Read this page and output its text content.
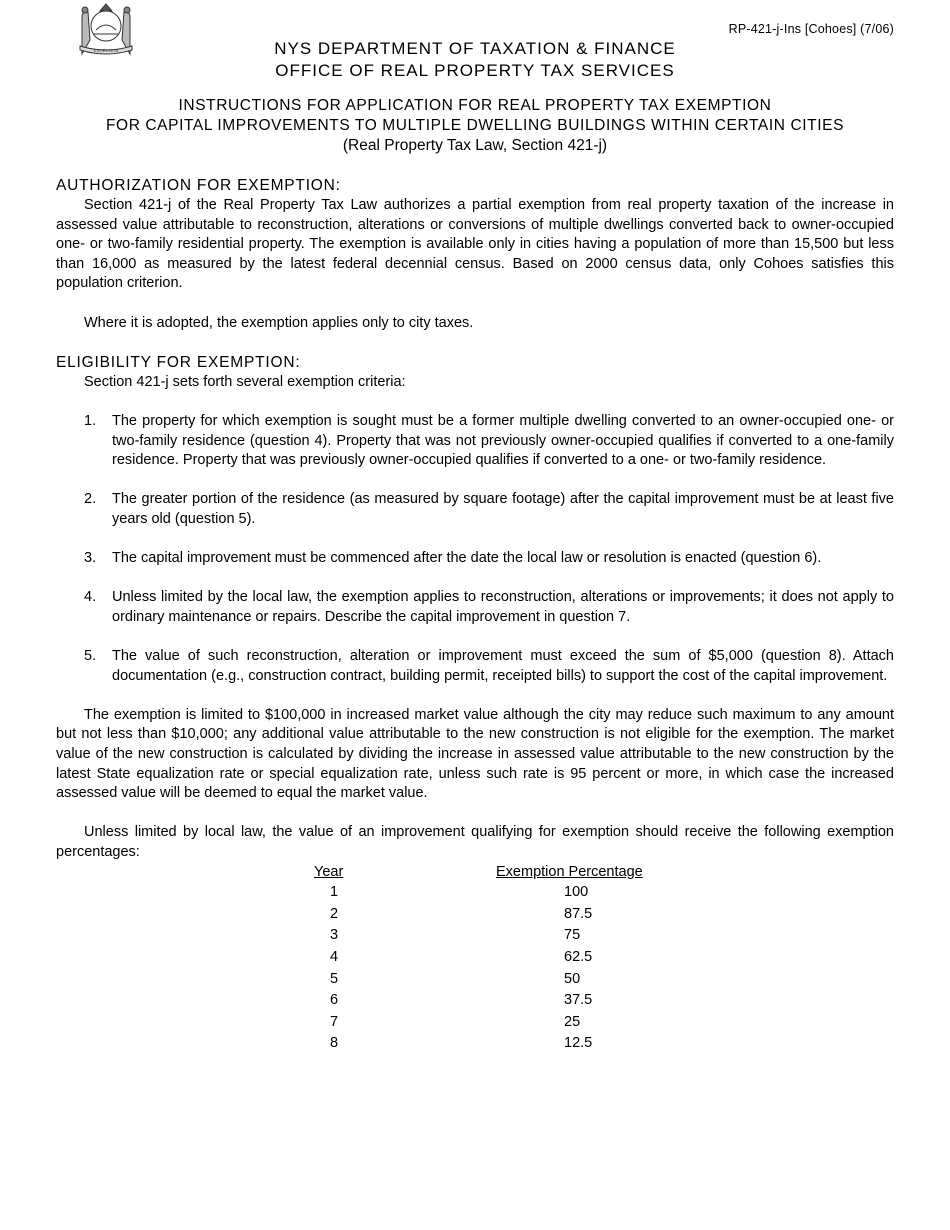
EXCELSIOR
RP-421-j-Ins [Cohoes] (7/06)
NYS DEPARTMENT OF TAXATION & FINANCE
OFFICE OF REAL PROPERTY TAX SERVICES
INSTRUCTIONS FOR APPLICATION FOR REAL PROPERTY TAX EXEMPTION
FOR CAPITAL IMPROVEMENTS TO MULTIPLE DWELLING BUILDINGS WITHIN CERTAIN CITIES
(Real Property Tax Law, Section 421-j)
AUTHORIZATION FOR EXEMPTION:

Section 421-j of the Real Property Tax Law authorizes a partial exemption from real property taxation of the increase in assessed value attributable to reconstruction, alterations or conversions of multiple dwellings converted back to owner-occupied one- or two-family residential property. The exemption is available only in cities having a population of more than 15,500 but less than 16,000 as measured by the latest federal decennial census. Based on 2000 census data, only Cohoes satisfies this population criterion.

Where it is adopted, the exemption applies only to city taxes.

ELIGIBILITY FOR EXEMPTION:

Section 421-j sets forth several exemption criteria:

1. The property for which exemption is sought must be a former multiple dwelling converted to an owner-occupied one- or two-family residence (question 4). Property that was not previously owner-occupied qualifies if converted to a one-family residence. Property that was previously owner-occupied qualifies if converted to a one- or two-family residence.
2. The greater portion of the residence (as measured by square footage) after the capital improvement must be at least five years old (question 5).
3. The capital improvement must be commenced after the date the local law or resolution is enacted (question 6).
4. Unless limited by the local law, the exemption applies to reconstruction, alterations or improvements; it does not apply to ordinary maintenance or repairs. Describe the capital improvement in question 7.
5. The value of such reconstruction, alteration or improvement must exceed the sum of $5,000 (question 8). Attach documentation (e.g., construction contract, building permit, receipted bills) to support the cost of the capital improvement.

The exemption is limited to $100,000 in increased market value although the city may reduce such maximum to any amount but not less than $10,000; any additional value attributable to the new construction is not eligible for the exemption. The market value of the new construction is calculated by dividing the increase in assessed value attributable to the new construction by the latest State equalization rate or special equalization rate, unless such rate is 95 percent or more, in which case the increased assessed value will be deemed to equal the market value.

Unless limited by local law, the value of an improvement qualifying for exemption should receive the following exemption percentages:

Year	Exemption Percentage
1	100
2	87.5
3	75
4	62.5
5	50
6	37.5
7	25
8	12.5
